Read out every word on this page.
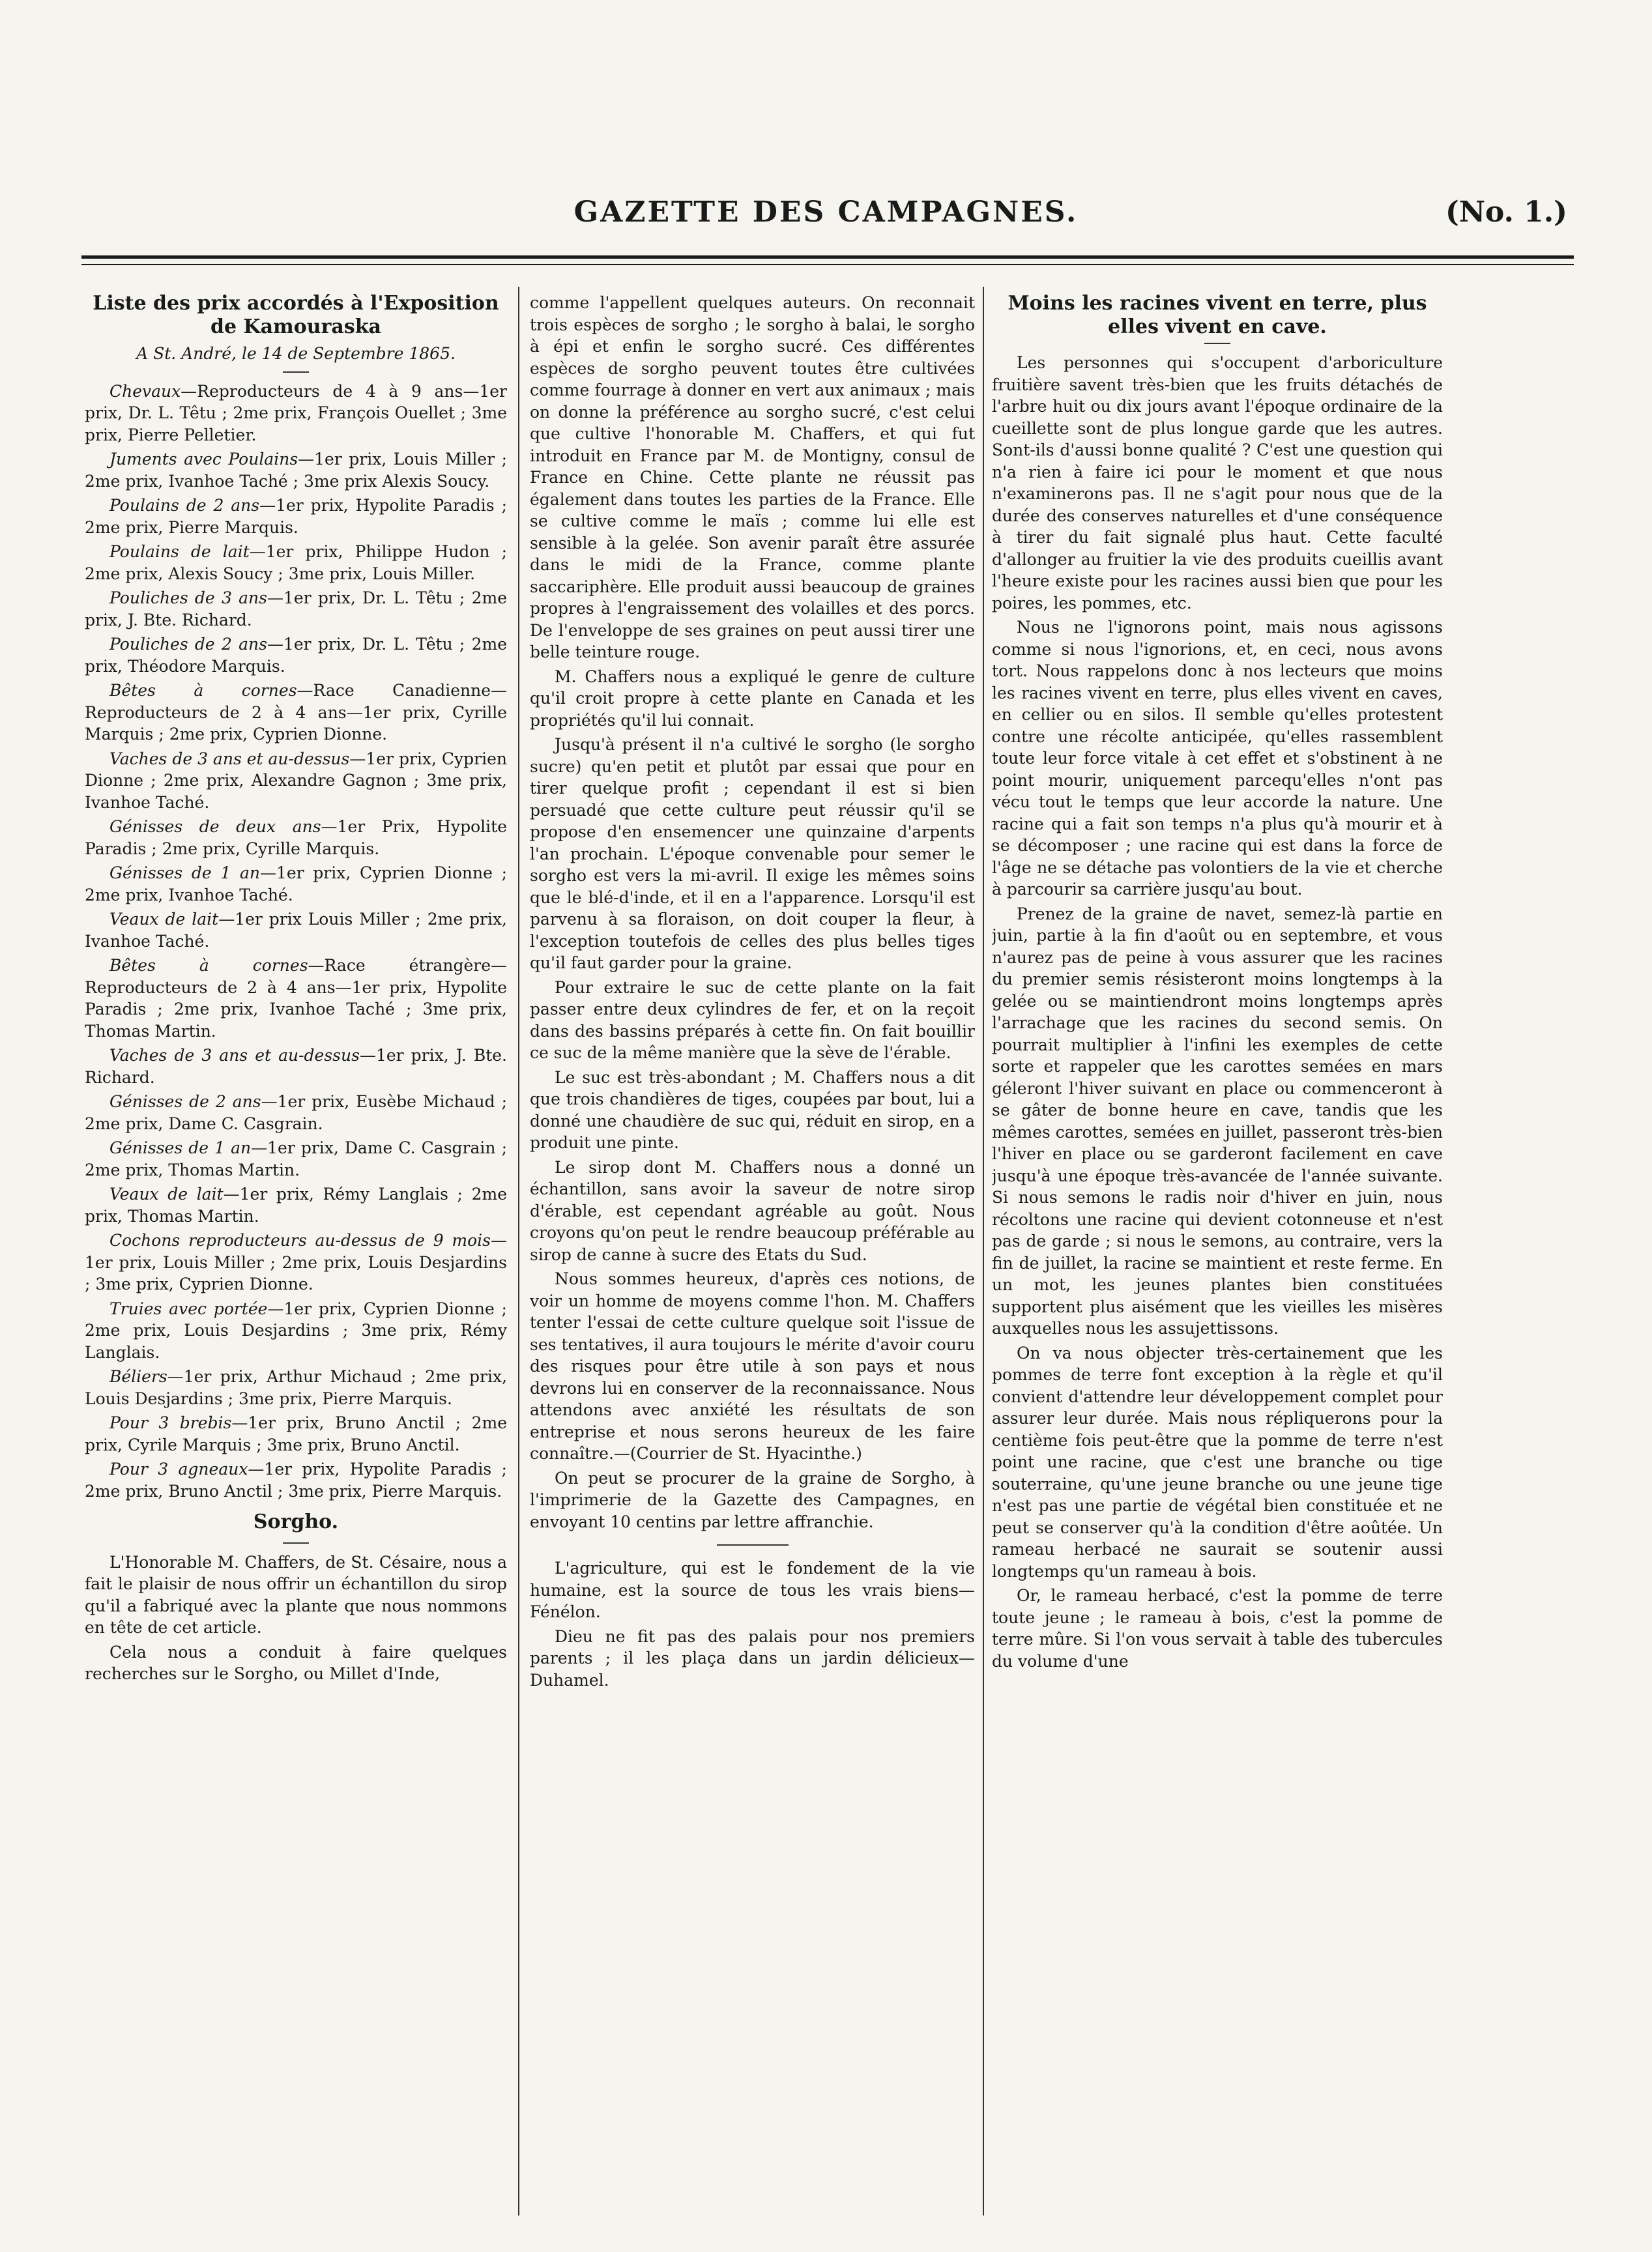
GAZETTE DES CAMPAGNES.	(No. 1.)
Liste des prix accordés à l'Exposition de Kamouraska

A St. André, le 14 de Septembre 1865.

Chevaux—Reproducteurs de 4 à 9 ans—1er prix, Dr. L. Têtu ; 2me prix, François Ouellet ; 3me prix, Pierre Pelletier.

Juments avec Poulains—1er prix, Louis Miller ; 2me prix, Ivanhoe Taché ; 3me prix Alexis Soucy.

Poulains de 2 ans—1er prix, Hypolite Paradis ; 2me prix, Pierre Marquis.

Poulains de lait—1er prix, Philippe Hudon ; 2me prix, Alexis Soucy ; 3me prix, Louis Miller.

Pouliches de 3 ans—1er prix, Dr. L. Têtu ; 2me prix, J. Bte. Richard.

Pouliches de 2 ans—1er prix, Dr. L. Têtu ; 2me prix, Théodore Marquis.

Bêtes à cornes—Race Canadienne—Reproducteurs de 2 à 4 ans—1er prix, Cyrille Marquis ; 2me prix, Cyprien Dionne.

Vaches de 3 ans et au-dessus—1er prix, Cyprien Dionne ; 2me prix, Alexandre Gagnon ; 3me prix, Ivanhoe Taché.

Génisses de deux ans—1er Prix, Hypolite Paradis ; 2me prix, Cyrille Marquis.

Génisses de 1 an—1er prix, Cyprien Dionne ; 2me prix, Ivanhoe Taché.

Veaux de lait—1er prix Louis Miller ; 2me prix, Ivanhoe Taché.

Bêtes à cornes—Race étrangère—Reproducteurs de 2 à 4 ans—1er prix, Hypolite Paradis ; 2me prix, Ivanhoe Taché ; 3me prix, Thomas Martin.

Vaches de 3 ans et au-dessus—1er prix, J. Bte. Richard.

Génisses de 2 ans—1er prix, Eusèbe Michaud ; 2me prix, Dame C. Casgrain.

Génisses de 1 an—1er prix, Dame C. Casgrain ; 2me prix, Thomas Martin.

Veaux de lait—1er prix, Rémy Langlais ; 2me prix, Thomas Martin.

Cochons reproducteurs au-dessus de 9 mois—1er prix, Louis Miller ; 2me prix, Louis Desjardins ; 3me prix, Cyprien Dionne.

Truies avec portée—1er prix, Cyprien Dionne ; 2me prix, Louis Desjardins ; 3me prix, Rémy Langlais.

Béliers—1er prix, Arthur Michaud ; 2me prix, Louis Desjardins ; 3me prix, Pierre Marquis.

Pour 3 brebis—1er prix, Bruno Anctil ; 2me prix, Cyrile Marquis ; 3me prix, Bruno Anctil.

Pour 3 agneaux—1er prix, Hypolite Paradis ; 2me prix, Bruno Anctil ; 3me prix, Pierre Marquis.

Sorgho.

L'Honorable M. Chaffers, de St. Césaire, nous a fait le plaisir de nous offrir un échantillon du sirop qu'il a fabriqué avec la plante que nous nommons en tête de cet article.

Cela nous a conduit à faire quelques recherches sur le Sorgho, ou Millet d'Inde,

comme l'appellent quelques auteurs. On reconnait trois espèces de sorgho ; le sorgho à balai, le sorgho à épi et enfin le sorgho sucré. Ces différentes espèces de sorgho peuvent toutes être cultivées comme fourrage à donner en vert aux animaux ; mais on donne la préférence au sorgho sucré, c'est celui que cultive l'honorable M. Chaffers, et qui fut introduit en France par M. de Montigny, consul de France en Chine. Cette plante ne réussit pas également dans toutes les parties de la France. Elle se cultive comme le maïs ; comme lui elle est sensible à la gelée. Son avenir paraît être assurée dans le midi de la France, comme plante saccariphère. Elle produit aussi beaucoup de graines propres à l'engraissement des volailles et des porcs. De l'enveloppe de ses graines on peut aussi tirer une belle teinture rouge.

M. Chaffers nous a expliqué le genre de culture qu'il croit propre à cette plante en Canada et les propriétés qu'il lui connait.

Jusqu'à présent il n'a cultivé le sorgho (le sorgho sucre) qu'en petit et plutôt par essai que pour en tirer quelque profit ; cependant il est si bien persuadé que cette culture peut réussir qu'il se propose d'en ensemencer une quinzaine d'arpents l'an prochain. L'époque convenable pour semer le sorgho est vers la mi-avril. Il exige les mêmes soins que le blé-d'inde, et il en a l'apparence. Lorsqu'il est parvenu à sa floraison, on doit couper la fleur, à l'exception toutefois de celles des plus belles tiges qu'il faut garder pour la graine.

Pour extraire le suc de cette plante on la fait passer entre deux cylindres de fer, et on la reçoit dans des bassins préparés à cette fin. On fait bouillir ce suc de la même manière que la sève de l'érable.

Le suc est très-abondant ; M. Chaffers nous a dit que trois chandières de tiges, coupées par bout, lui a donné une chaudière de suc qui, réduit en sirop, en a produit une pinte.

Le sirop dont M. Chaffers nous a donné un échantillon, sans avoir la saveur de notre sirop d'érable, est cependant agréable au goût. Nous croyons qu'on peut le rendre beaucoup préférable au sirop de canne à sucre des Etats du Sud.

Nous sommes heureux, d'après ces notions, de voir un homme de moyens comme l'hon. M. Chaffers tenter l'essai de cette culture quelque soit l'issue de ses tentatives, il aura toujours le mérite d'avoir couru des risques pour être utile à son pays et nous devrons lui en conserver de la reconnaissance. Nous attendons avec anxiété les résultats de son entreprise et nous serons heureux de les faire connaître.—(Courrier de St. Hyacinthe.)

On peut se procurer de la graine de Sorgho, à l'imprimerie de la Gazette des Campagnes, en envoyant 10 centins par lettre affranchie.

L'agriculture, qui est le fondement de la vie humaine, est la source de tous les vrais biens—Fénélon.

Dieu ne fit pas des palais pour nos premiers parents ; il les plaça dans un jardin délicieux—Duhamel.

Moins les racines vivent en terre, plus elles vivent en cave.

Les personnes qui s'occupent d'arboriculture fruitière savent très-bien que les fruits détachés de l'arbre huit ou dix jours avant l'époque ordinaire de la cueillette sont de plus longue garde que les autres. Sont-ils d'aussi bonne qualité ? C'est une question qui n'a rien à faire ici pour le moment et que nous n'examinerons pas. Il ne s'agit pour nous que de la durée des conserves naturelles et d'une conséquence à tirer du fait signalé plus haut. Cette faculté d'allonger au fruitier la vie des produits cueillis avant l'heure existe pour les racines aussi bien que pour les poires, les pommes, etc.

Nous ne l'ignorons point, mais nous agissons comme si nous l'ignorions, et, en ceci, nous avons tort. Nous rappelons donc à nos lecteurs que moins les racines vivent en terre, plus elles vivent en caves, en cellier ou en silos. Il semble qu'elles protestent contre une récolte anticipée, qu'elles rassemblent toute leur force vitale à cet effet et s'obstinent à ne point mourir, uniquement parcequ'elles n'ont pas vécu tout le temps que leur accorde la nature. Une racine qui a fait son temps n'a plus qu'à mourir et à se décomposer ; une racine qui est dans la force de l'âge ne se détache pas volontiers de la vie et cherche à parcourir sa carrière jusqu'au bout.

Prenez de la graine de navet, semez-là partie en juin, partie à la fin d'août ou en septembre, et vous n'aurez pas de peine à vous assurer que les racines du premier semis résisteront moins longtemps à la gelée ou se maintiendront moins longtemps après l'arrachage que les racines du second semis. On pourrait multiplier à l'infini les exemples de cette sorte et rappeler que les carottes semées en mars géleront l'hiver suivant en place ou commenceront à se gâter de bonne heure en cave, tandis que les mêmes carottes, semées en juillet, passeront très-bien l'hiver en place ou se garderont facilement en cave jusqu'à une époque très-avancée de l'année suivante. Si nous semons le radis noir d'hiver en juin, nous récoltons une racine qui devient cotonneuse et n'est pas de garde ; si nous le semons, au contraire, vers la fin de juillet, la racine se maintient et reste ferme. En un mot, les jeunes plantes bien constituées supportent plus aisément que les vieilles les misères auxquelles nous les assujettissons.

On va nous objecter très-certainement que les pommes de terre font exception à la règle et qu'il convient d'attendre leur développement complet pour assurer leur durée. Mais nous répliquerons pour la centième fois peut-être que la pomme de terre n'est point une racine, que c'est une branche ou tige souterraine, qu'une jeune branche ou une jeune tige n'est pas une partie de végétal bien constituée et ne peut se conserver qu'à la condition d'être aoûtée. Un rameau herbacé ne saurait se soutenir aussi longtemps qu'un rameau à bois.

Or, le rameau herbacé, c'est la pomme de terre toute jeune ; le rameau à bois, c'est la pomme de terre mûre. Si l'on vous servait à table des tubercules du volume d'une
